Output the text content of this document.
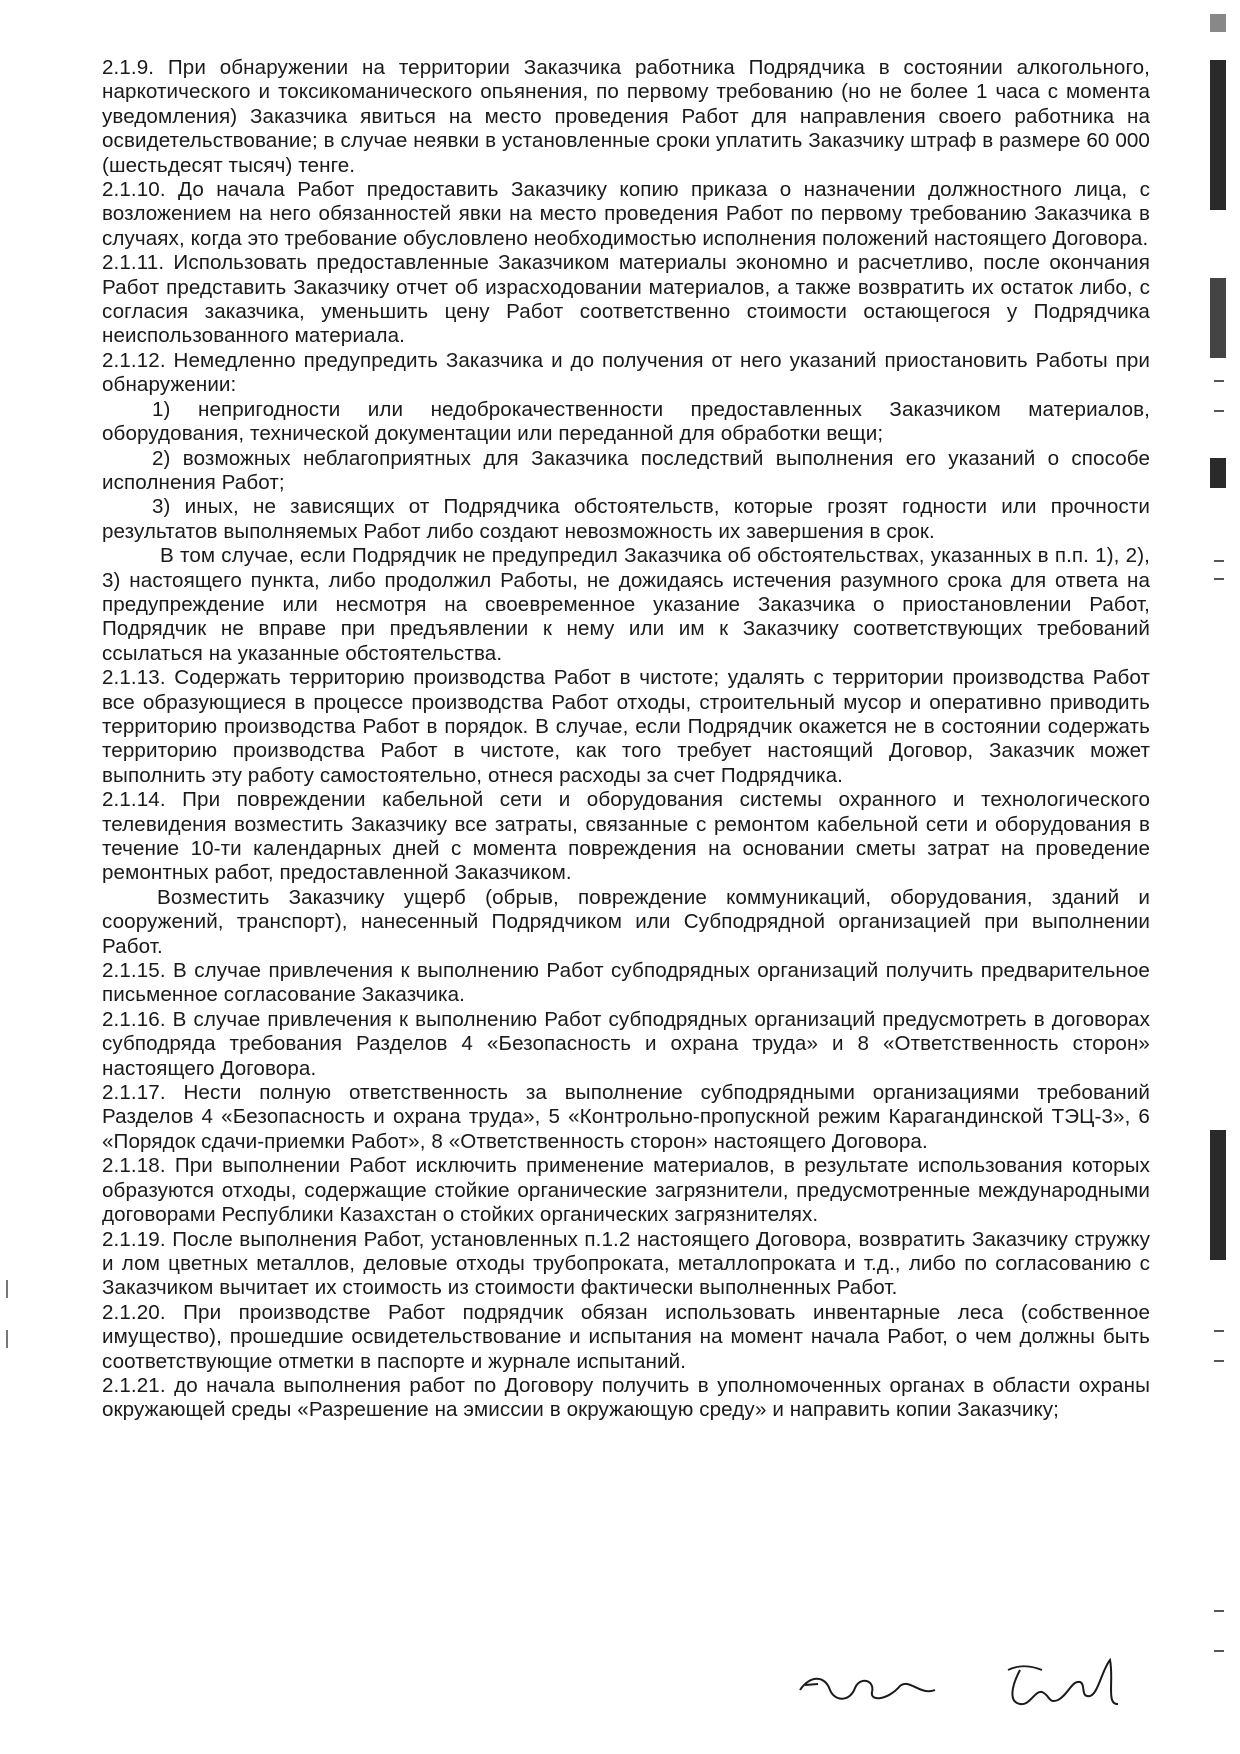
2.1.9. При обнаружении на территории Заказчика работника Подрядчика в состоянии алкогольного, наркотического и токсикоманического опьянения, по первому требованию (но не более 1 часа с момента уведомления) Заказчика явиться на место проведения Работ для направления своего работника на освидетельствование; в случае неявки в установленные сроки уплатить Заказчику штраф в размере 60 000 (шестьдесят тысяч) тенге.

2.1.10. До начала Работ предоставить Заказчику копию приказа о назначении должностного лица, с возложением на него обязанностей явки на место проведения Работ по первому требованию Заказчика в случаях, когда это требование обусловлено необходимостью исполнения положений настоящего Договора.

2.1.11. Использовать предоставленные Заказчиком материалы экономно и расчетливо, после окончания Работ представить Заказчику отчет об израсходовании материалов, а также возвратить их остаток либо, с согласия заказчика, уменьшить цену Работ соответственно стоимости остающегося у Подрядчика неиспользованного материала.

2.1.12. Немедленно предупредить Заказчика и до получения от него указаний приостановить Работы при обнаружении:

1) непригодности или недоброкачественности предоставленных Заказчиком материалов, оборудования, технической документации или переданной для обработки вещи;

2) возможных неблагоприятных для Заказчика последствий выполнения его указаний о способе исполнения Работ;

3) иных, не зависящих от Подрядчика обстоятельств, которые грозят годности или прочности результатов выполняемых Работ либо создают невозможность их завершения в срок.

В том случае, если Подрядчик не предупредил Заказчика об обстоятельствах, указанных в п.п. 1), 2), 3) настоящего пункта, либо продолжил Работы, не дожидаясь истечения разумного срока для ответа на предупреждение или несмотря на своевременное указание Заказчика о приостановлении Работ, Подрядчик не вправе при предъявлении к нему или им к Заказчику соответствующих требований ссылаться на указанные обстоятельства.

2.1.13. Содержать территорию производства Работ в чистоте; удалять с территории производства Работ все образующиеся в процессе производства Работ отходы, строительный мусор и оперативно приводить территорию производства Работ в порядок. В случае, если Подрядчик окажется не в состоянии содержать территорию производства Работ в чистоте, как того требует настоящий Договор, Заказчик может выполнить эту работу самостоятельно, отнеся расходы за счет Подрядчика.

2.1.14. При повреждении кабельной сети и оборудования системы охранного и технологического телевидения возместить Заказчику все затраты, связанные с ремонтом кабельной сети и оборудования в течение 10-ти календарных дней с момента повреждения на основании сметы затрат на проведение ремонтных работ, предоставленной Заказчиком.

Возместить Заказчику ущерб (обрыв, повреждение коммуникаций, оборудования, зданий и сооружений, транспорт), нанесенный Подрядчиком или Субподрядной организацией при выполнении Работ.

2.1.15. В случае привлечения к выполнению Работ субподрядных организаций получить предварительное письменное согласование Заказчика.

2.1.16. В случае привлечения к выполнению Работ субподрядных организаций предусмотреть в договорах субподряда требования Разделов 4 «Безопасность и охрана труда» и 8 «Ответственность сторон» настоящего Договора.

2.1.17. Нести полную ответственность за выполнение субподрядными организациями требований Разделов 4 «Безопасность и охрана труда», 5 «Контрольно-пропускной режим Карагандинской ТЭЦ-3», 6 «Порядок сдачи-приемки Работ», 8 «Ответственность сторон» настоящего Договора.

2.1.18. При выполнении Работ исключить применение материалов, в результате использования которых образуются отходы, содержащие стойкие органические загрязнители, предусмотренные международными договорами Республики Казахстан о стойких органических загрязнителях.

2.1.19. После выполнения Работ, установленных п.1.2 настоящего Договора, возвратить Заказчику стружку и лом цветных металлов, деловые отходы трубопроката, металлопроката и т.д., либо по согласованию с Заказчиком вычитает их стоимость из стоимости фактически выполненных Работ.

2.1.20. При производстве Работ подрядчик обязан использовать инвентарные леса (собственное имущество), прошедшие освидетельствование и испытания на момент начала Работ, о чем должны быть соответствующие отметки в паспорте и журнале испытаний.

2.1.21. до начала выполнения работ по Договору получить в уполномоченных органах в области охраны окружающей среды «Разрешение на эмиссии в окружающую среду» и направить копии Заказчику;
